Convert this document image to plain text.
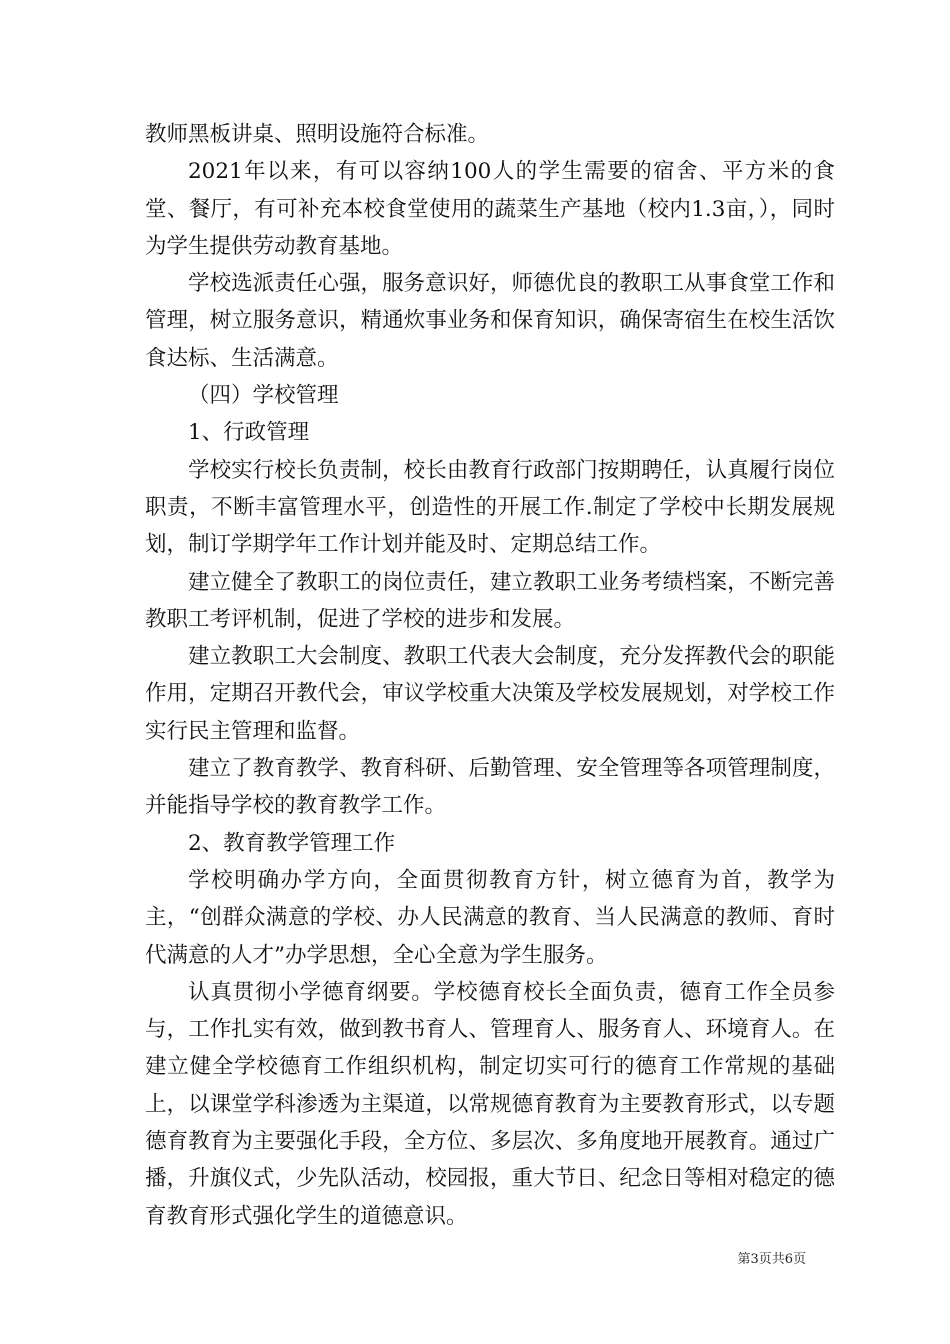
教师黑板讲桌、照明设施符合标准。

2021年以来，有可以容纳100人的学生需要的宿舍、平方米的食堂、餐厅，有可补充本校食堂使用的蔬菜生产基地（校内1.3亩，），同时为学生提供劳动教育基地。

学校选派责任心强，服务意识好，师德优良的教职工从事食堂工作和管理，树立服务意识，精通炊事业务和保育知识，确保寄宿生在校生活饮食达标、生活满意。

（四）学校管理

1、行政管理

学校实行校长负责制，校长由教育行政部门按期聘任，认真履行岗位职责，不断丰富管理水平，创造性的开展工作.制定了学校中长期发展规划，制订学期学年工作计划并能及时、定期总结工作。

建立健全了教职工的岗位责任，建立教职工业务考绩档案，不断完善教职工考评机制，促进了学校的进步和发展。

建立教职工大会制度、教职工代表大会制度，充分发挥教代会的职能作用，定期召开教代会，审议学校重大决策及学校发展规划，对学校工作实行民主管理和监督。

建立了教育教学、教育科研、后勤管理、安全管理等各项管理制度，并能指导学校的教育教学工作。

2、教育教学管理工作

学校明确办学方向，全面贯彻教育方针，树立德育为首，教学为主，“创群众满意的学校、办人民满意的教育、当人民满意的教师、育时代满意的人才”办学思想，全心全意为学生服务。

认真贯彻小学德育纲要。学校德育校长全面负责，德育工作全员参与，工作扎实有效，做到教书育人、管理育人、服务育人、环境育人。在建立健全学校德育工作组织机构，制定切实可行的德育工作常规的基础上，以课堂学科渗透为主渠道，以常规德育教育为主要教育形式，以专题德育教育为主要强化手段，全方位、多层次、多角度地开展教育。通过广播，升旗仪式，少先队活动，校园报，重大节日、纪念日等相对稳定的德育教育形式强化学生的道德意识。

第3页共6页
